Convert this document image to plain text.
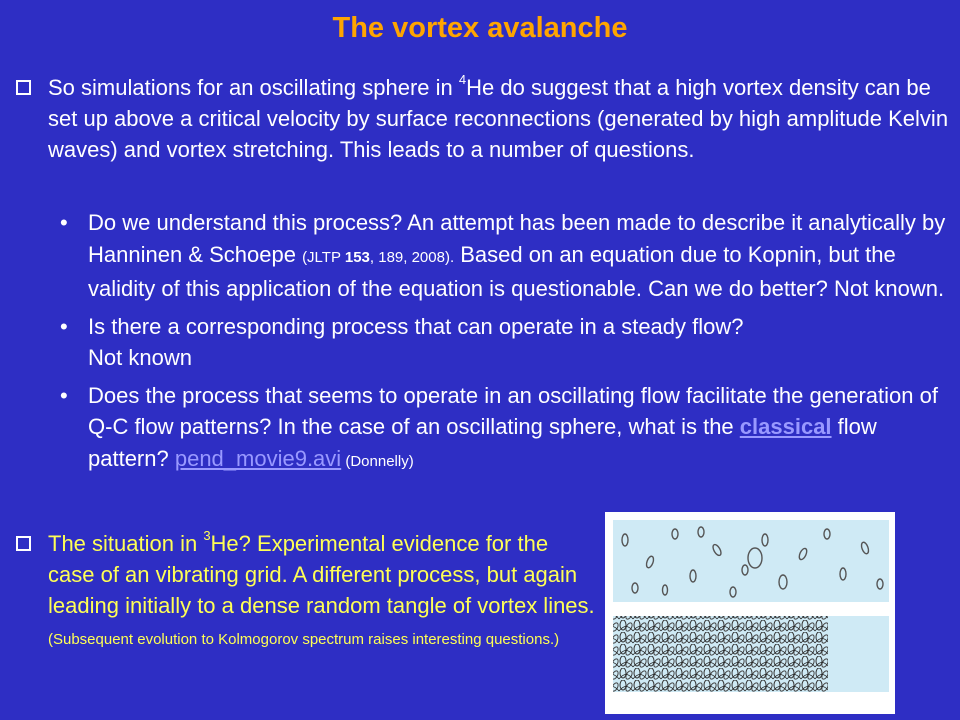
The vortex avalanche
So simulations for an oscillating sphere in $^4$He do suggest that a high vortex density can be set up above a critical velocity by surface reconnections (generated by high amplitude Kelvin waves) and vortex stretching. This leads to a number of questions.
• Do we understand this process? An attempt has been made to describe it analytically by Hanninen & Schoepe (JLTP 153, 189, 2008). Based on an equation due to Kopnin, but the validity of this application of the equation is questionable. Can we do better? Not known.
• Is there a corresponding process that can operate in a steady flow?
Not known
• Does the process that seems to operate in an oscillating flow facilitate the generation of Q-C flow patterns? In the case of an oscillating sphere, what is the classical flow pattern? pend_movie9.avi (Donnelly)
The situation in $^3$He? Experimental evidence for the case of an vibrating grid. A different process, but again leading initially to a dense random tangle of vortex lines. (Subsequent evolution to Kolmogorov spectrum raises interesting questions.)
